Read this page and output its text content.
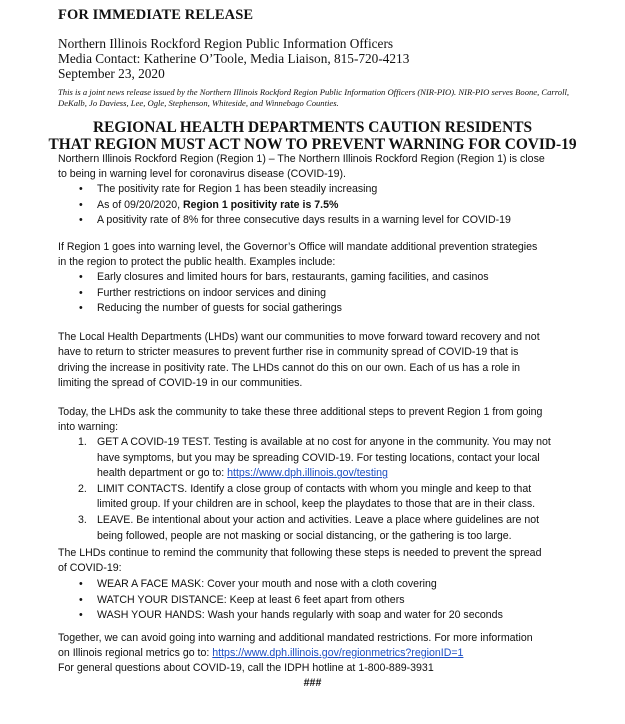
FOR IMMEDIATE RELEASE
Northern Illinois Rockford Region Public Information Officers
Media Contact: Katherine O’Toole, Media Liaison, 815-720-4213
September 23, 2020
This is a joint news release issued by the Northern Illinois Rockford Region Public Information Officers (NIR-PIO). NIR-PIO serves Boone, Carroll, DeKalb, Jo Daviess, Lee, Ogle, Stephenson, Whiteside, and Winnebago Counties.
REGIONAL HEALTH DEPARTMENTS CAUTION RESIDENTS
THAT REGION MUST ACT NOW TO PREVENT WARNING FOR COVID-19
Northern Illinois Rockford Region (Region 1) – The Northern Illinois Rockford Region (Region 1) is close
to being in warning level for coronavirus disease (COVID-19).
• The positivity rate for Region 1 has been steadily increasing
• As of 09/20/2020, Region 1 positivity rate is 7.5%
• A positivity rate of 8% for three consecutive days results in a warning level for COVID-19
If Region 1 goes into warning level, the Governor’s Office will mandate additional prevention strategies
in the region to protect the public health. Examples include:
• Early closures and limited hours for bars, restaurants, gaming facilities, and casinos
• Further restrictions on indoor services and dining
• Reducing the number of guests for social gatherings
The Local Health Departments (LHDs) want our communities to move forward toward recovery and not
have to return to stricter measures to prevent further rise in community spread of COVID-19 that is
driving the increase in positivity rate. The LHDs cannot do this on our own. Each of us has a role in
limiting the spread of COVID-19 in our communities.
Today, the LHDs ask the community to take these three additional steps to prevent Region 1 from going
into warning:
1. GET A COVID-19 TEST. Testing is available at no cost for anyone in the community. You may not
have symptoms, but you may be spreading COVID-19. For testing locations, contact your local
health department or go to: https://www.dph.illinois.gov/testing
2. LIMIT CONTACTS. Identify a close group of contacts with whom you mingle and keep to that
limited group. If your children are in school, keep the playdates to those that are in their class.
3. LEAVE. Be intentional about your action and activities. Leave a place where guidelines are not
being followed, people are not masking or social distancing, or the gathering is too large.
The LHDs continue to remind the community that following these steps is needed to prevent the spread
of COVID-19:
• WEAR A FACE MASK: Cover your mouth and nose with a cloth covering
• WATCH YOUR DISTANCE: Keep at least 6 feet apart from others
• WASH YOUR HANDS: Wash your hands regularly with soap and water for 20 seconds
Together, we can avoid going into warning and additional mandated restrictions. For more information
on Illinois regional metrics go to: https://www.dph.illinois.gov/regionmetrics?regionID=1
For general questions about COVID-19, call the IDPH hotline at 1-800-889-3931
###
